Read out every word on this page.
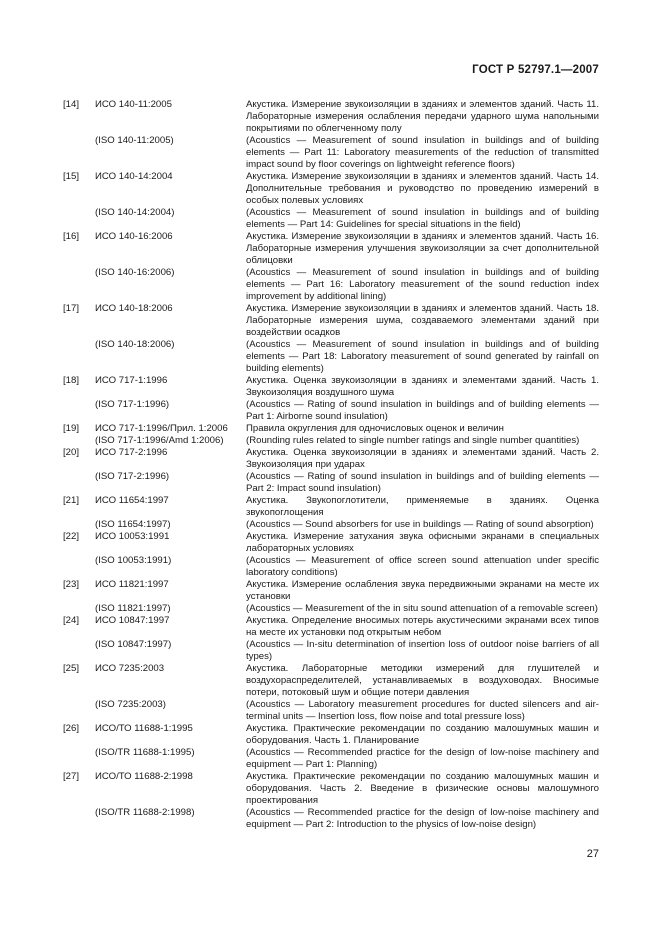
ГОСТ Р 52797.1—2007
[14]	ИСО 140-11:2005	Акустика. Измерение звукоизоляции в зданиях и элементов зданий. Часть 11. Лабораторные измерения ослабления передачи ударного шума напольными покрытиями по облегченному полу
(ISO 140-11:2005)	(Acoustics — Measurement of sound insulation in buildings and of building elements — Part 11: Laboratory measurements of the reduction of transmitted impact sound by floor coverings on lightweight reference floors)
[15]	ИСО 140-14:2004	Акустика. Измерение звукоизоляции в зданиях и элементов зданий. Часть 14. Дополнительные требования и руководство по проведению измерений в особых полевых условиях
(ISO 140-14:2004)	(Acoustics — Measurement of sound insulation in buildings and of building elements — Part 14: Guidelines for special situations in the field)
[16]	ИСО 140-16:2006	Акустика. Измерение звукоизоляции в зданиях и элементов зданий. Часть 16. Лабораторные измерения улучшения звукоизоляции за счет дополнительной облицовки
(ISO 140-16:2006)	(Acoustics — Measurement of sound insulation in buildings and of building elements — Part 16: Laboratory measurement of the sound reduction index improvement by additional lining)
[17]	ИСО 140-18:2006	Акустика. Измерение звукоизоляции в зданиях и элементов зданий. Часть 18. Лабораторные измерения шума, создаваемого элементами зданий при воздействии осадков
(ISO 140-18:2006)	(Acoustics — Measurement of sound insulation in buildings and of building elements — Part 18: Laboratory measurement of sound generated by rainfall on building elements)
[18]	ИСО 717-1:1996	Акустика. Оценка звукоизоляции в зданиях и элементами зданий. Часть 1. Звукоизоляция воздушного шума
(ISO 717-1:1996)	(Acoustics — Rating of sound insulation in buildings and of building elements — Part 1: Airborne sound insulation)
[19]	ИСО 717-1:1996/Прил. 1:2006	Правила округления для одночисловых оценок и величин
(ISO 717-1:1996/Amd 1:2006)	(Rounding rules related to single number ratings and single number quantities)
[20]	ИСО 717-2:1996	Акустика. Оценка звукоизоляции в зданиях и элементами зданий. Часть 2. Звукоизоляция при ударах
(ISO 717-2:1996)	(Acoustics — Rating of sound insulation in buildings and of building elements — Part 2: Impact sound insulation)
[21]	ИСО 11654:1997	Акустика. Звукопоглотители, применяемые в зданиях. Оценка звукопоглощения
(ISO 11654:1997)	(Acoustics — Sound absorbers for use in buildings — Rating of sound absorption)
[22]	ИСО 10053:1991	Акустика. Измерение затухания звука офисными экранами в специальных лабораторных условиях
(ISO 10053:1991)	(Acoustics — Measurement of office screen sound attenuation under specific laboratory conditions)
[23]	ИСО 11821:1997	Акустика. Измерение ослабления звука передвижными экранами на месте их установки
(ISO 11821:1997)	(Acoustics — Measurement of the in situ sound attenuation of a removable screen)
[24]	ИСО 10847:1997	Акустика. Определение вносимых потерь акустическими экранами всех типов на месте их установки под открытым небом
(ISO 10847:1997)	(Acoustics — In-situ determination of insertion loss of outdoor noise barriers of all types)
[25]	ИСО 7235:2003	Акустика. Лабораторные методики измерений для глушителей и воздухораспределителей, устанавливаемых в воздуховодах. Вносимые потери, потоковый шум и общие потери давления
(ISO 7235:2003)	(Acoustics — Laboratory measurement procedures for ducted silencers and air-terminal units — Insertion loss, flow noise and total pressure loss)
[26]	ИСО/ТО 11688-1:1995	Акустика. Практические рекомендации по созданию малошумных машин и оборудования. Часть 1. Планирование
(ISO/TR 11688-1:1995)	(Acoustics — Recommended practice for the design of low-noise machinery and equipment — Part 1: Planning)
[27]	ИСО/ТО 11688-2:1998	Акустика. Практические рекомендации по созданию малошумных машин и оборудования. Часть 2. Введение в физические основы малошумного проектирования
(ISO/TR 11688-2:1998)	(Acoustics — Recommended practice for the design of low-noise machinery and equipment — Part 2: Introduction to the physics of low-noise design)
27
